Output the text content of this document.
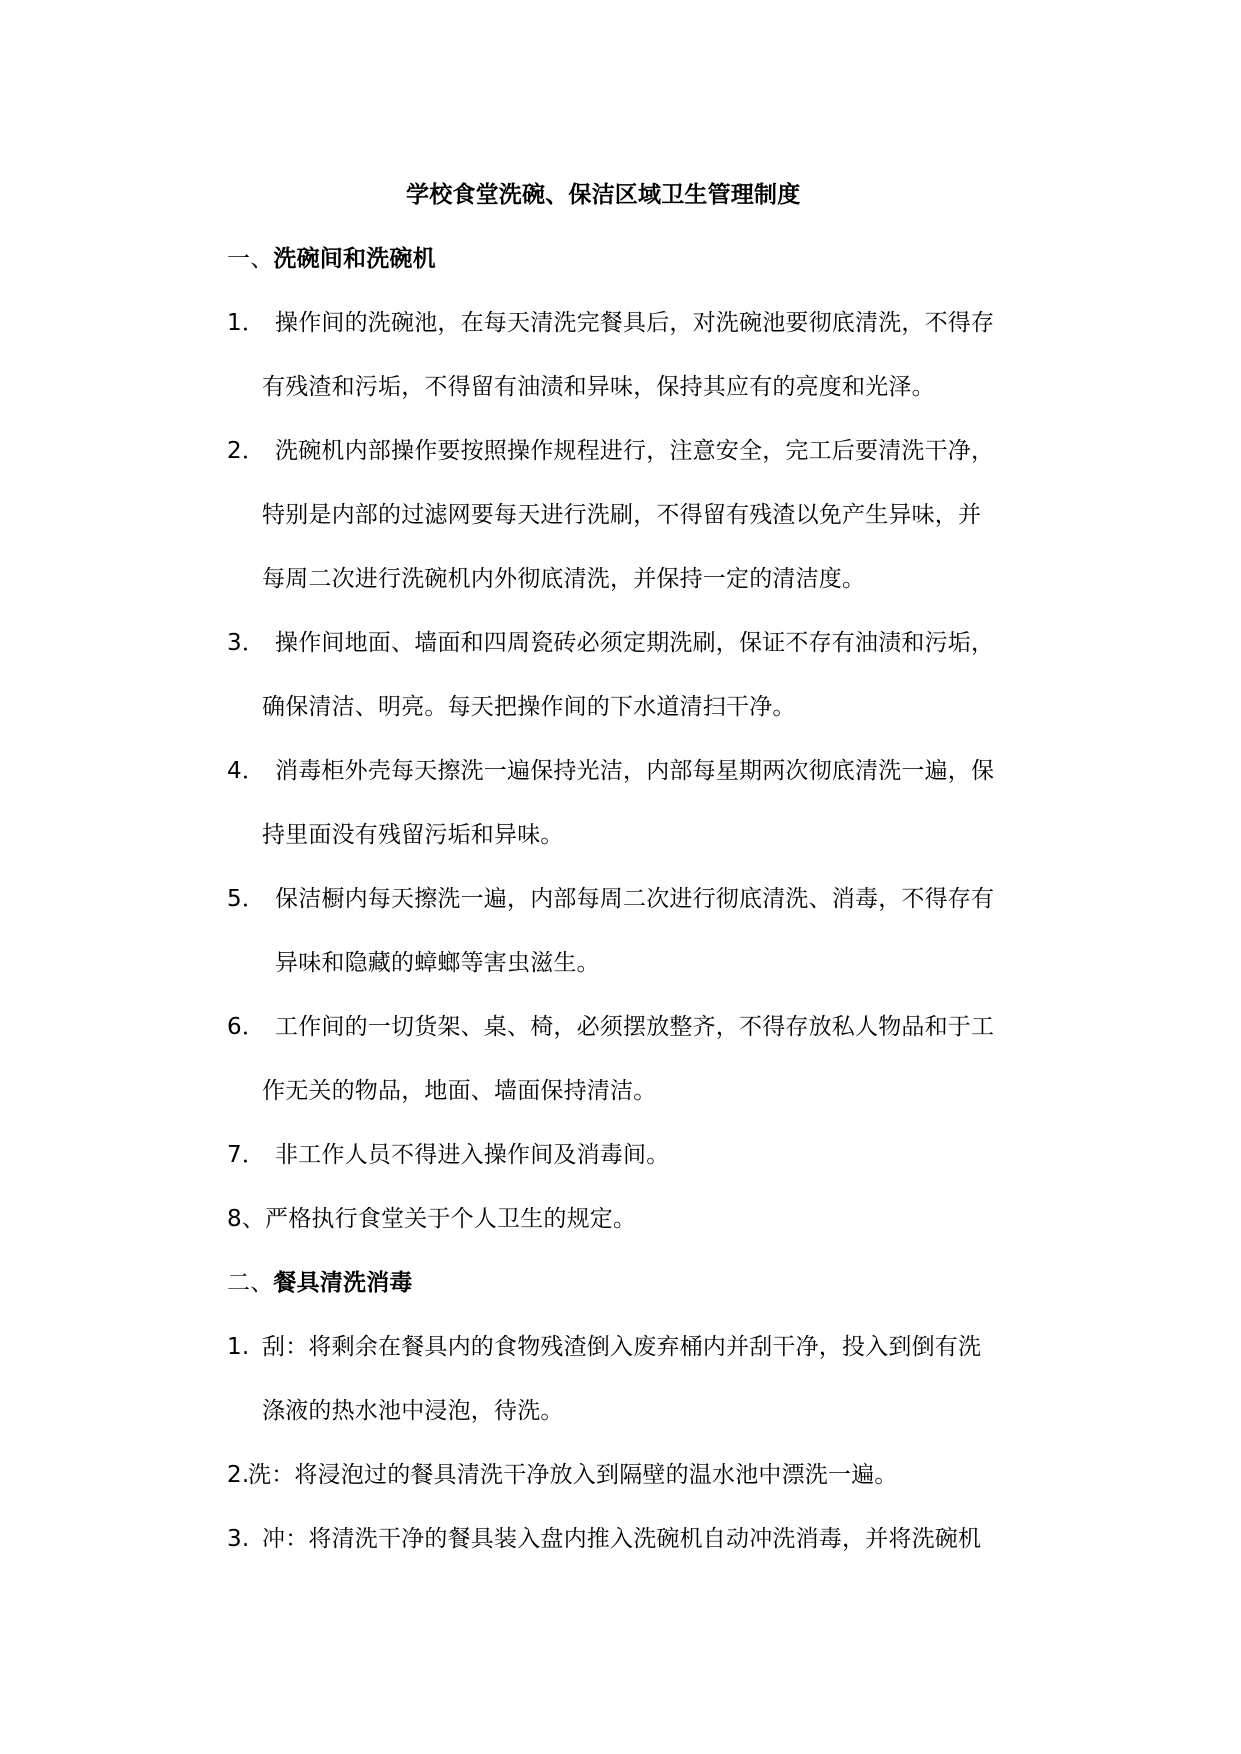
学校食堂洗碗、保洁区域卫生管理制度
一、洗碗间和洗碗机
1． 操作间的洗碗池，在每天清洗完餐具后，对洗碗池要彻底清洗，不得存
有残渣和污垢，不得留有油渍和异味，保持其应有的亮度和光泽。
2． 洗碗机内部操作要按照操作规程进行，注意安全，完工后要清洗干净，
特别是内部的过滤网要每天进行洗刷，不得留有残渣以免产生异味，并
每周二次进行洗碗机内外彻底清洗，并保持一定的清洁度。
3． 操作间地面、墙面和四周瓷砖必须定期洗刷，保证不存有油渍和污垢，
确保清洁、明亮。每天把操作间的下水道清扫干净。
4． 消毒柜外壳每天擦洗一遍保持光洁，内部每星期两次彻底清洗一遍，保
持里面没有残留污垢和异味。
5． 保洁橱内每天擦洗一遍，内部每周二次进行彻底清洗、消毒，不得存有
异味和隐藏的蟑螂等害虫滋生。
6． 工作间的一切货架、桌、椅，必须摆放整齐，不得存放私人物品和于工
作无关的物品，地面、墙面保持清洁。
7． 非工作人员不得进入操作间及消毒间。
8、 严格执行食堂关于个人卫生的规定。
二、餐具清洗消毒
1. 刮：将剩余在餐具内的食物残渣倒入废弃桶内并刮干净，投入到倒有洗
涤液的热水池中浸泡，待洗。
2.
洗：将浸泡过的餐具清洗干净放入到隔壁的温水池中漂洗一遍。
3. 冲：将清洗干净的餐具装入盘内推入洗碗机自动冲洗消毒，并将洗碗机
